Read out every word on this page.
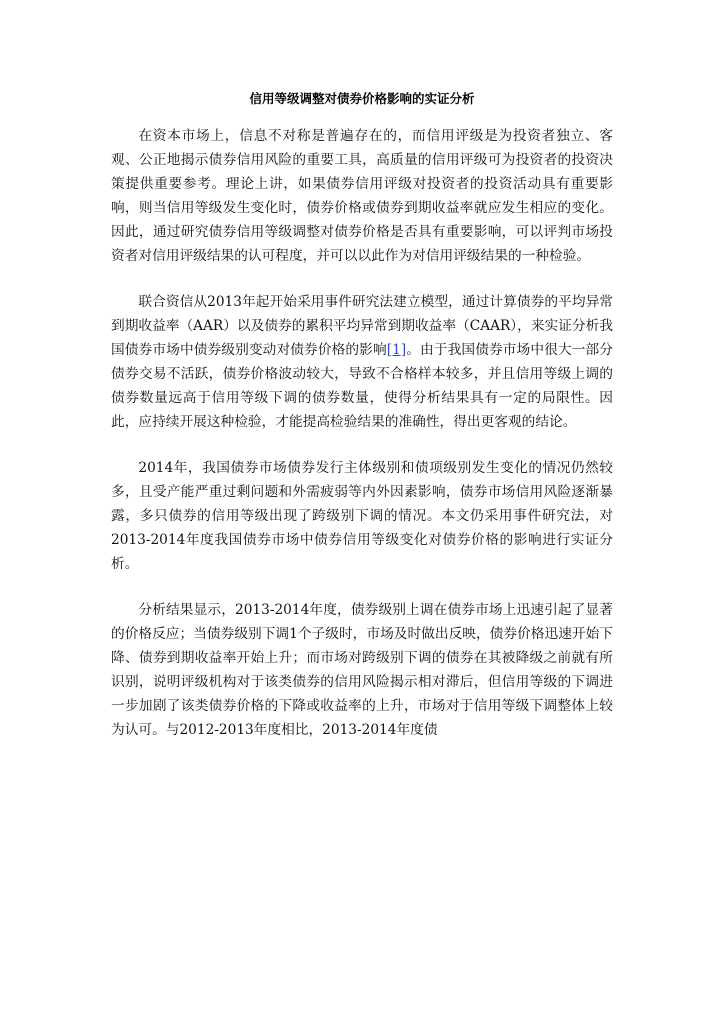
信用等级调整对债券价格影响的实证分析

在资本市场上，信息不对称是普遍存在的，而信用评级是为投资者独立、客观、公正地揭示债券信用风险的重要工具，高质量的信用评级可为投资者的投资决策提供重要参考。理论上讲，如果债券信用评级对投资者的投资活动具有重要影响，则当信用等级发生变化时，债券价格或债券到期收益率就应发生相应的变化。因此，通过研究债券信用等级调整对债券价格是否具有重要影响，可以评判市场投资者对信用评级结果的认可程度，并可以以此作为对信用评级结果的一种检验。

联合资信从2013年起开始采用事件研究法建立模型，通过计算债券的平均异常到期收益率（AAR）以及债券的累积平均异常到期收益率（CAAR），来实证分析我国债券市场中债券级别变动对债券价格的影响[1]。由于我国债券市场中很大一部分债券交易不活跃，债券价格波动较大，导致不合格样本较多，并且信用等级上调的债券数量远高于信用等级下调的债券数量，使得分析结果具有一定的局限性。因此，应持续开展这种检验，才能提高检验结果的准确性，得出更客观的结论。

2014年，我国债券市场债券发行主体级别和债项级别发生变化的情况仍然较多，且受产能严重过剩问题和外需疲弱等内外因素影响，债券市场信用风险逐渐暴露，多只债券的信用等级出现了跨级别下调的情况。本文仍采用事件研究法，对2013-2014年度我国债券市场中债券信用等级变化对债券价格的影响进行实证分析。

分析结果显示，2013-2014年度，债券级别上调在债券市场上迅速引起了显著的价格反应；当债券级别下调1个子级时，市场及时做出反映，债券价格迅速开始下降、债券到期收益率开始上升；而市场对跨级别下调的债券在其被降级之前就有所识别，说明评级机构对于该类债券的信用风险揭示相对滞后，但信用等级的下调进一步加剧了该类债券价格的下降或收益率的上升，市场对于信用等级下调整体上较为认可。与2012-2013年度相比，2013-2014年度债
